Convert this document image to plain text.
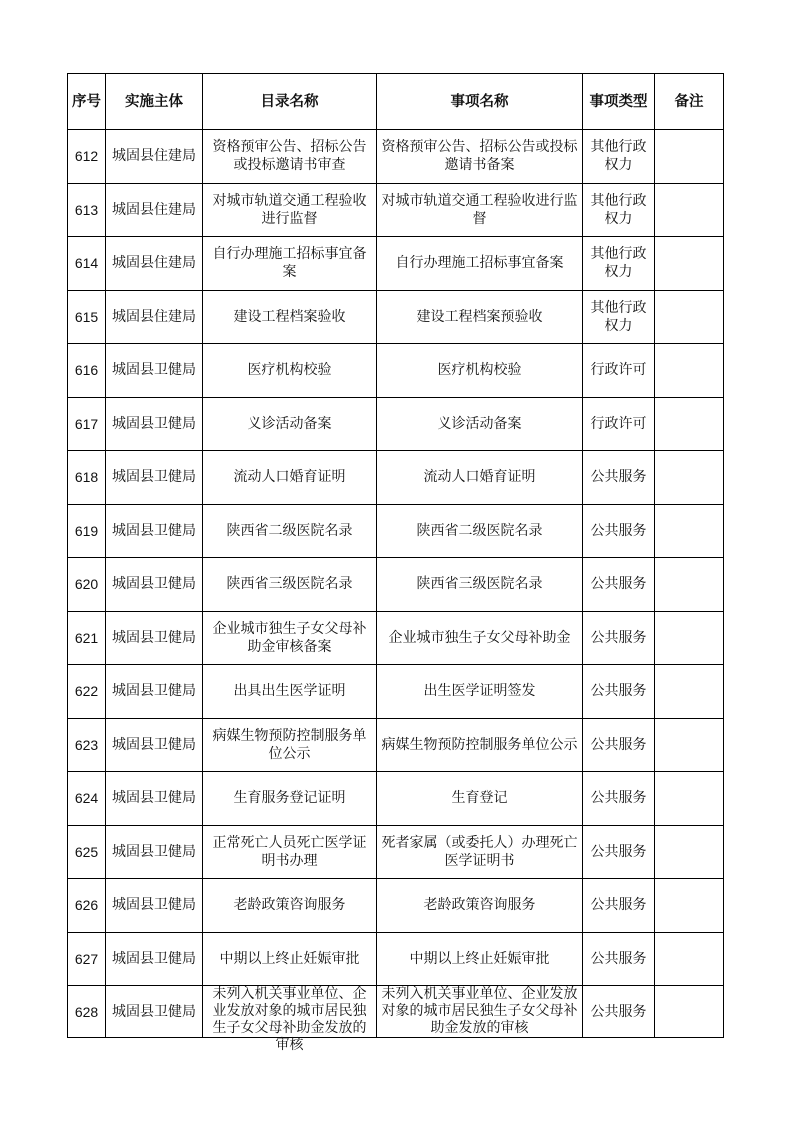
序号	实施主体	目录名称	事项名称	事项类型	备注
612	城固县住建局	资格预审公告、招标公告或投标邀请书审查	资格预审公告、招标公告或投标邀请书备案	其他行政权力	
613	城固县住建局	对城市轨道交通工程验收进行监督	对城市轨道交通工程验收进行监督	其他行政权力	
614	城固县住建局	自行办理施工招标事宜备案	自行办理施工招标事宜备案	其他行政权力	
615	城固县住建局	建设工程档案验收	建设工程档案预验收	其他行政权力	
616	城固县卫健局	医疗机构校验	医疗机构校验	行政许可	
617	城固县卫健局	义诊活动备案	义诊活动备案	行政许可	
618	城固县卫健局	流动人口婚育证明	流动人口婚育证明	公共服务	
619	城固县卫健局	陕西省二级医院名录	陕西省二级医院名录	公共服务	
620	城固县卫健局	陕西省三级医院名录	陕西省三级医院名录	公共服务	
621	城固县卫健局	企业城市独生子女父母补助金审核备案	企业城市独生子女父母补助金	公共服务	
622	城固县卫健局	出具出生医学证明	出生医学证明签发	公共服务	
623	城固县卫健局	病媒生物预防控制服务单位公示	病媒生物预防控制服务单位公示	公共服务	
624	城固县卫健局	生育服务登记证明	生育登记	公共服务	
625	城固县卫健局	正常死亡人员死亡医学证明书办理	死者家属（或委托人）办理死亡医学证明书	公共服务	
626	城固县卫健局	老龄政策咨询服务	老龄政策咨询服务	公共服务	
627	城固县卫健局	中期以上终止妊娠审批	中期以上终止妊娠审批	公共服务	
628	城固县卫健局	未列入机关事业单位、企业发放对象的城市居民独生子女父母补助金发放的审核	未列入机关事业单位、企业发放对象的城市居民独生子女父母补助金发放的审核	公共服务	
